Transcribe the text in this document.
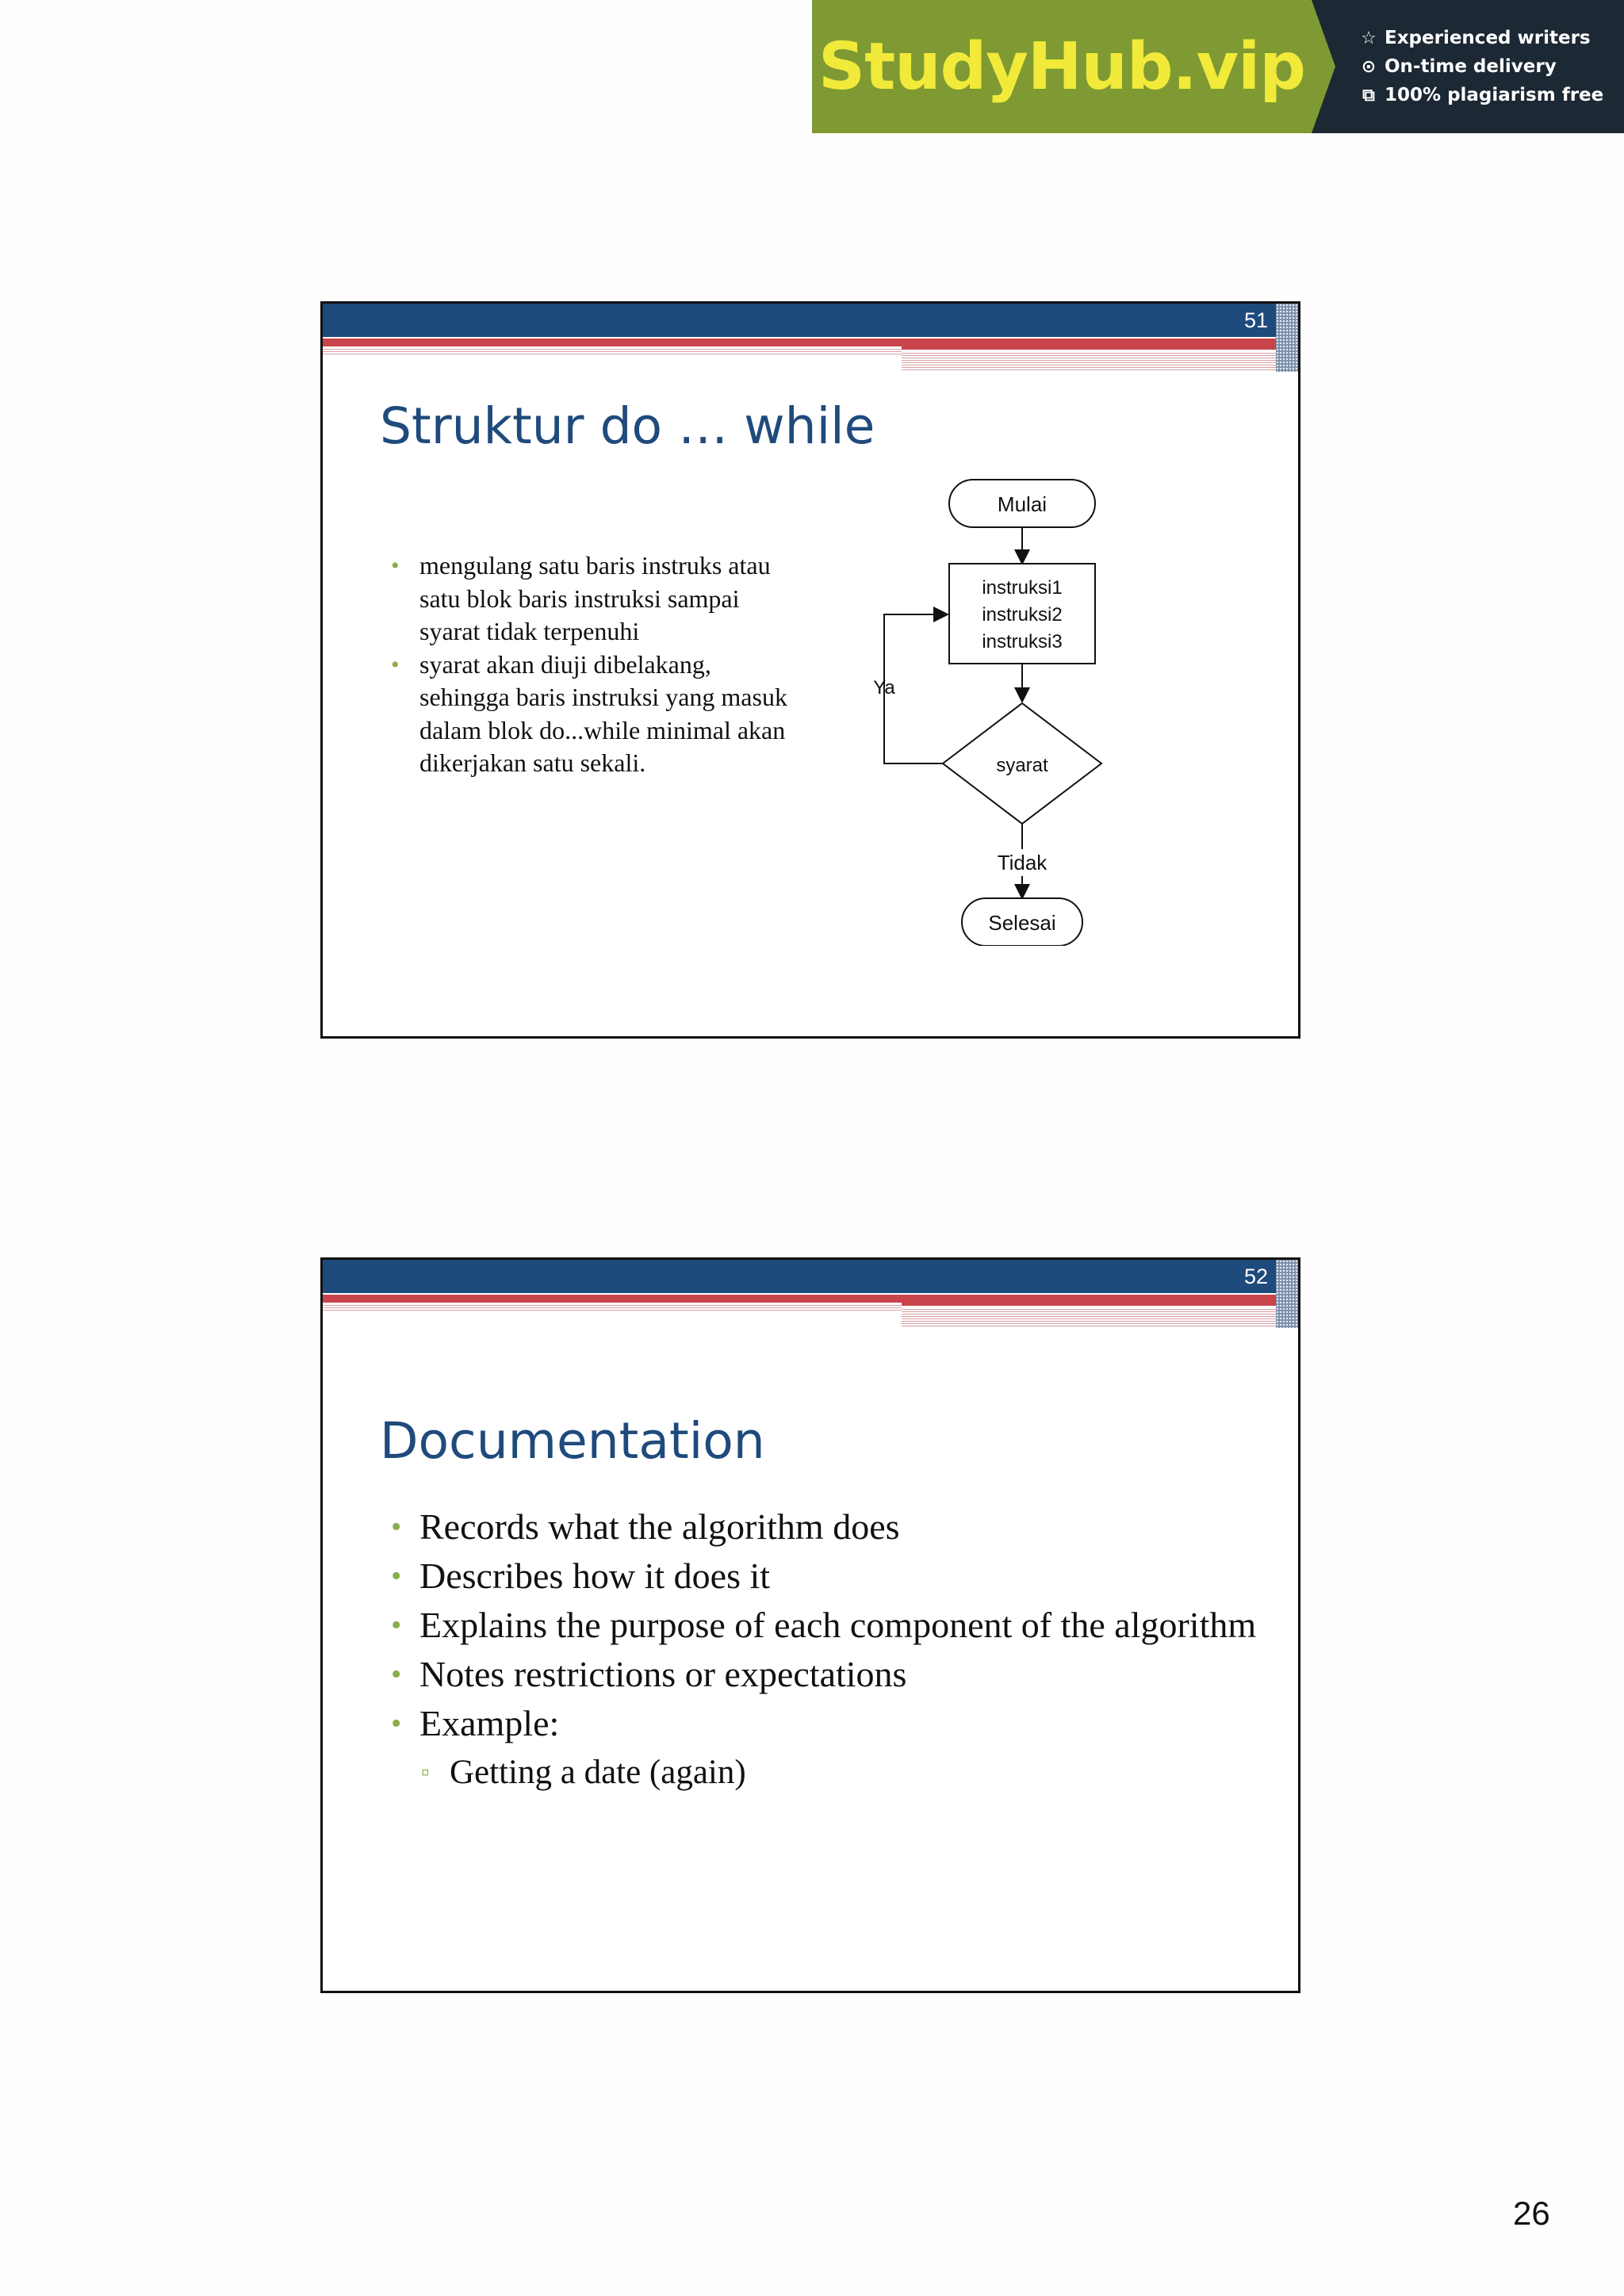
StudyHub.vip	☆ Experienced writers
⊙ On-time delivery
⧉ 100% plagiarism free
51
Struktur do … while
• mengulang satu baris instruks atau satu blok baris instruksi sampai syarat tidak terpenuhi
• syarat akan diuji dibelakang, sehingga baris instruksi yang masuk dalam blok do...while minimal akan dikerjakan satu sekali.
Mulai
instruksi1
instruksi2
instruksi3
syarat
Ya
Tidak
Selesai
52
Documentation
• Records what the algorithm does
• Describes how it does it
• Explains the purpose of each component of the algorithm
• Notes restrictions or expectations
• Example:
▫ Getting a date (again)
26
